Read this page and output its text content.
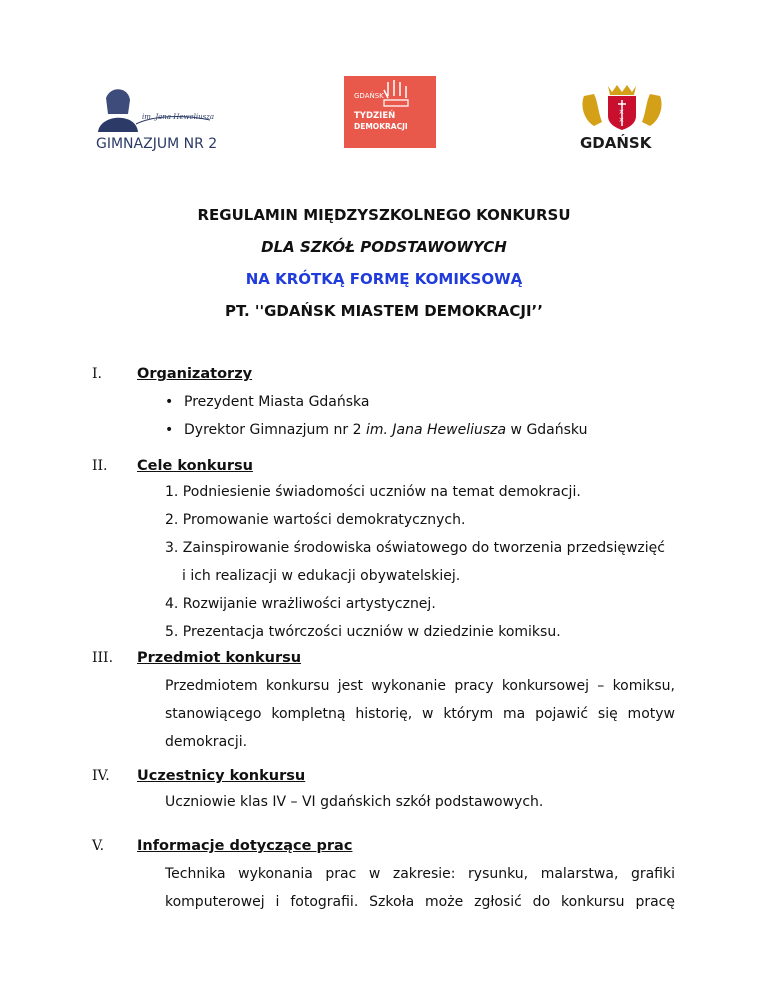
im. Jana Heweliusza
GIMNAZJUM NR 2
GDAŃSK
TYDZIEŃ
DEMOKRACJI
×
×
GDAŃSK
REGULAMIN MIĘDZYSZKOLNEGO KONKURSU
DLA SZKÓŁ PODSTAWOWYCH
NA KRÓTKĄ FORMĘ KOMIKSOWĄ
PT. ''GDAŃSK MIASTEM DEMOKRACJI’’
I. Organizatorzy
• Prezydent Miasta Gdańska
• Dyrektor Gimnazjum nr 2 im. Jana Heweliusza w Gdańsku
II. Cele konkursu
1. Podniesienie świadomości uczniów na temat demokracji.
2. Promowanie wartości demokratycznych.
3. Zainspirowanie środowiska oświatowego do tworzenia przedsięwzięć
i ich realizacji w edukacji obywatelskiej.
4. Rozwijanie wrażliwości artystycznej.
5. Prezentacja twórczości uczniów w dziedzinie komiksu.
III. Przedmiot konkursu
Przedmiotem konkursu jest wykonanie pracy konkursowej – komiksu,
stanowiącego kompletną historię, w którym ma pojawić się motyw
demokracji.
IV. Uczestnicy konkursu
Uczniowie klas IV – VI gdańskich szkół podstawowych.
V. Informacje dotyczące prac
Technika wykonania prac w zakresie: rysunku, malarstwa, grafiki
komputerowej i fotografii. Szkoła może zgłosić do konkursu pracę
